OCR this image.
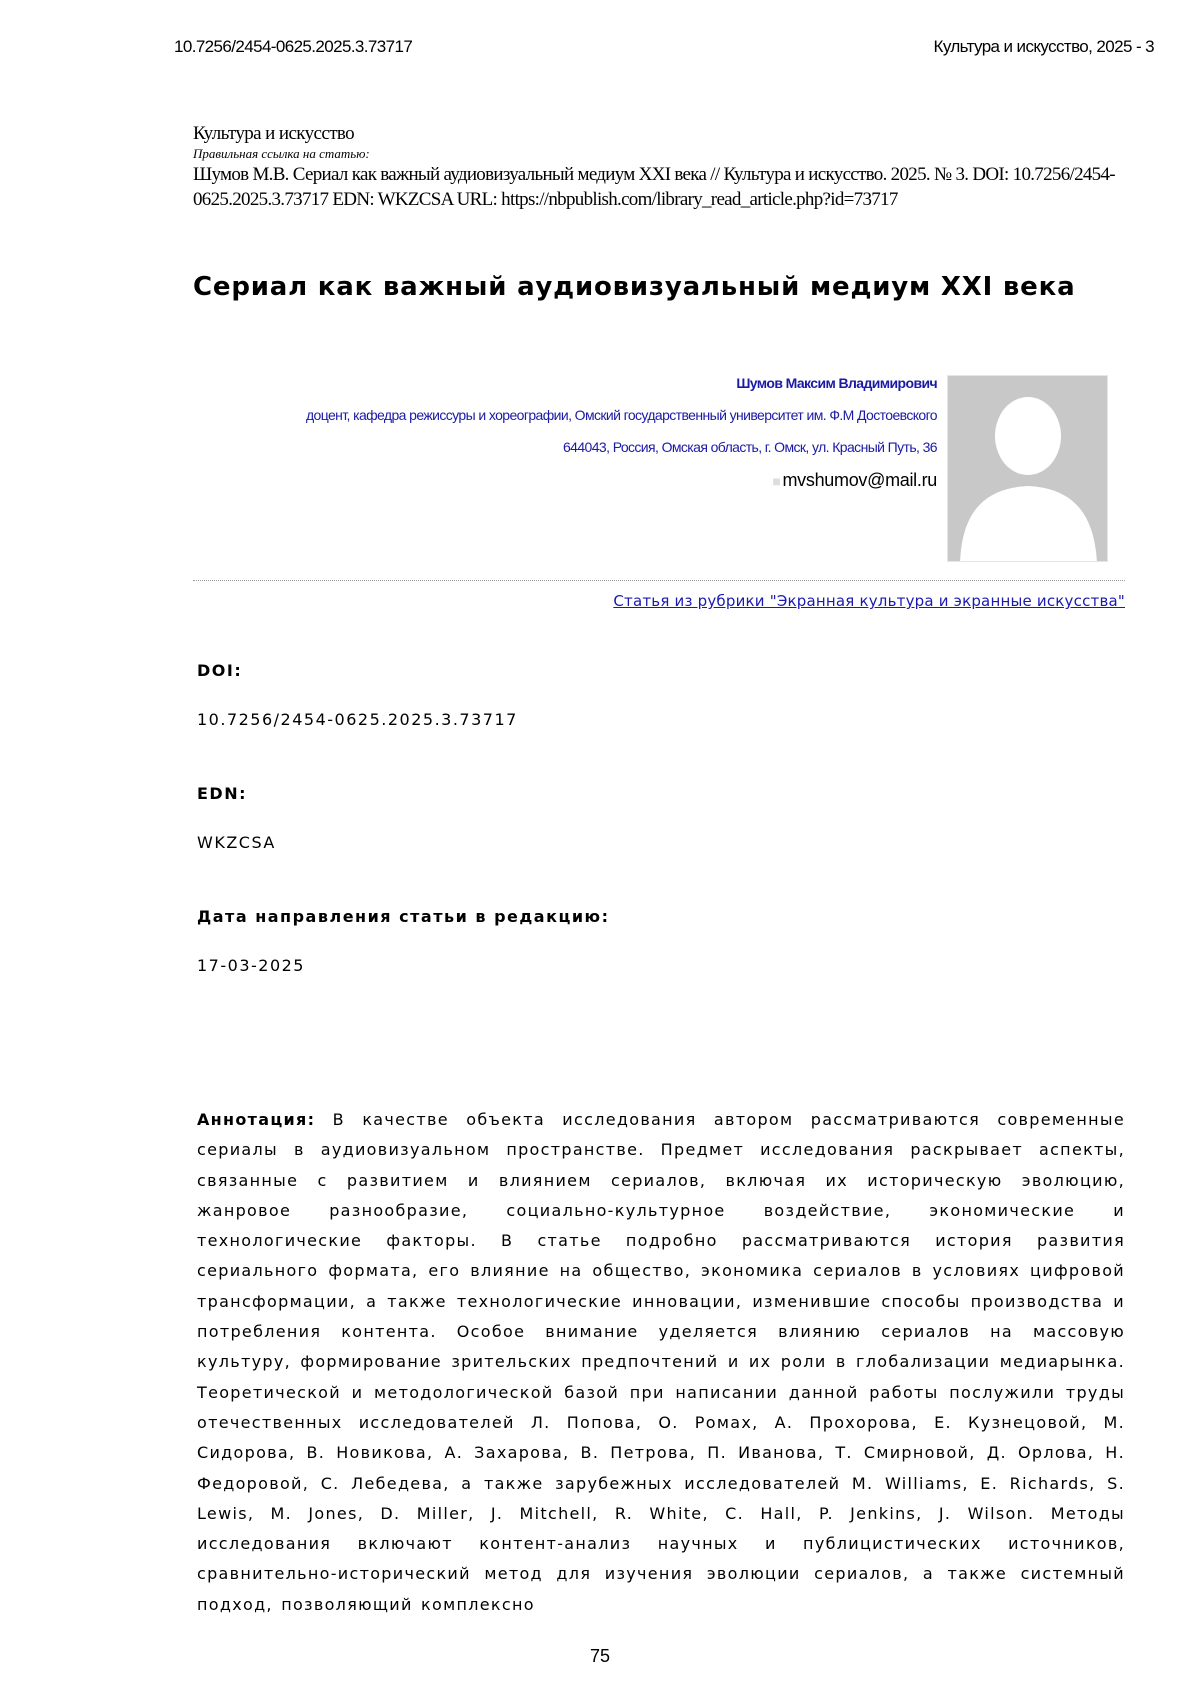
10.7256/2454-0625.2025.3.73717	Культура и искусство, 2025 - 3
Культура и искусство
Правильная ссылка на статью:
Шумов М.В. Сериал как важный аудиовизуальный медиум XXI века // Культура и искусство. 2025. № 3. DOI: 10.7256/2454-0625.2025.3.73717 EDN: WKZCSA URL: https://nbpublish.com/library_read_article.php?id=73717
Сериал как важный аудиовизуальный медиум XXI века
Шумов Максим Владимирович
доцент, кафедра режиссуры и хореографии, Омский государственный университет им. Ф.М Достоевского
644043, Россия, Омская область, г. Омск, ул. Красный Путь, 36
■ mvshumov@mail.ru
Статья из рубрики "Экранная культура и экранные искусства"
DOI:
10.7256/2454-0625.2025.3.73717
EDN:
WKZCSA
Дата направления статьи в редакцию:
17-03-2025
Аннотация: В качестве объекта исследования автором рассматриваются современные сериалы в аудиовизуальном пространстве. Предмет исследования раскрывает аспекты, связанные с развитием и влиянием сериалов, включая их историческую эволюцию, жанровое разнообразие, социально-культурное воздействие, экономические и технологические факторы. В статье подробно рассматриваются история развития сериального формата, его влияние на общество, экономика сериалов в условиях цифровой трансформации, а также технологические инновации, изменившие способы производства и потребления контента. Особое внимание уделяется влиянию сериалов на массовую культуру, формирование зрительских предпочтений и их роли в глобализации медиарынка. Теоретической и методологической базой при написании данной работы послужили труды отечественных исследователей Л. Попова, О. Ромах, А. Прохорова, Е. Кузнецовой, М. Сидорова, В. Новикова, А. Захарова, В. Петрова, П. Иванова, Т. Смирновой, Д. Орлова, Н. Федоровой, С. Лебедева, а также зарубежных исследователей M. Williams, E. Richards, S. Lewis, M. Jones, D. Miller, J. Mitchell, R. White, C. Hall, P. Jenkins, J. Wilson. Методы исследования включают контент-анализ научных и публицистических источников, сравнительно-исторический метод для изучения эволюции сериалов, а также системный подход, позволяющий комплексно
75
